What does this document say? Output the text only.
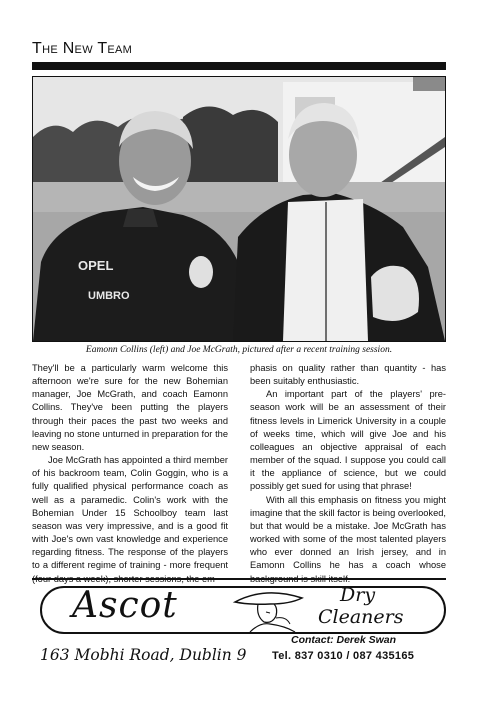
The New Team
OPEL
UMBRO
Eamonn Collins (left) and Joe McGrath, pictured after a recent training session.

They'll be a particularly warm welcome this afternoon we're sure for the new Bohemian manager, Joe McGrath, and coach Eamonn Collins. They've been putting the players through their paces the past two weeks and leaving no stone unturned in preparation for the new season.

Joe McGrath has appointed a third member of his backroom team, Colin Goggin, who is a fully qualified physical performance coach as well as a paramedic. Colin's work with the Bohemian Under 15 Schoolboy team last season was very impressive, and is a good fit with Joe's own vast knowledge and experience regarding fitness. The response of the players to a different regime of training - more frequent

phasis on quality rather than quantity - has been suitably enthusiastic.

An important part of the players' pre-season work will be an assessment of their fitness levels in Limerick University in a couple of weeks time, which will give Joe and his colleagues an objective appraisal of each member of the squad. I suppose you could call it the appliance of science, but we could possibly get sued for using that phrase!

With all this emphasis on fitness you might imagine that the skill factor is being overlooked, but that would be a mistake. Joe McGrath has worked with some of the most talented players who ever donned an Irish jersey, and in Eamonn Collins he has a coach whose

Ascot	Dry
Cleaners
Contact: Derek Swan
163 Mobhi Road, Dublin 9 Tel. 837 0310 / 087 435165
